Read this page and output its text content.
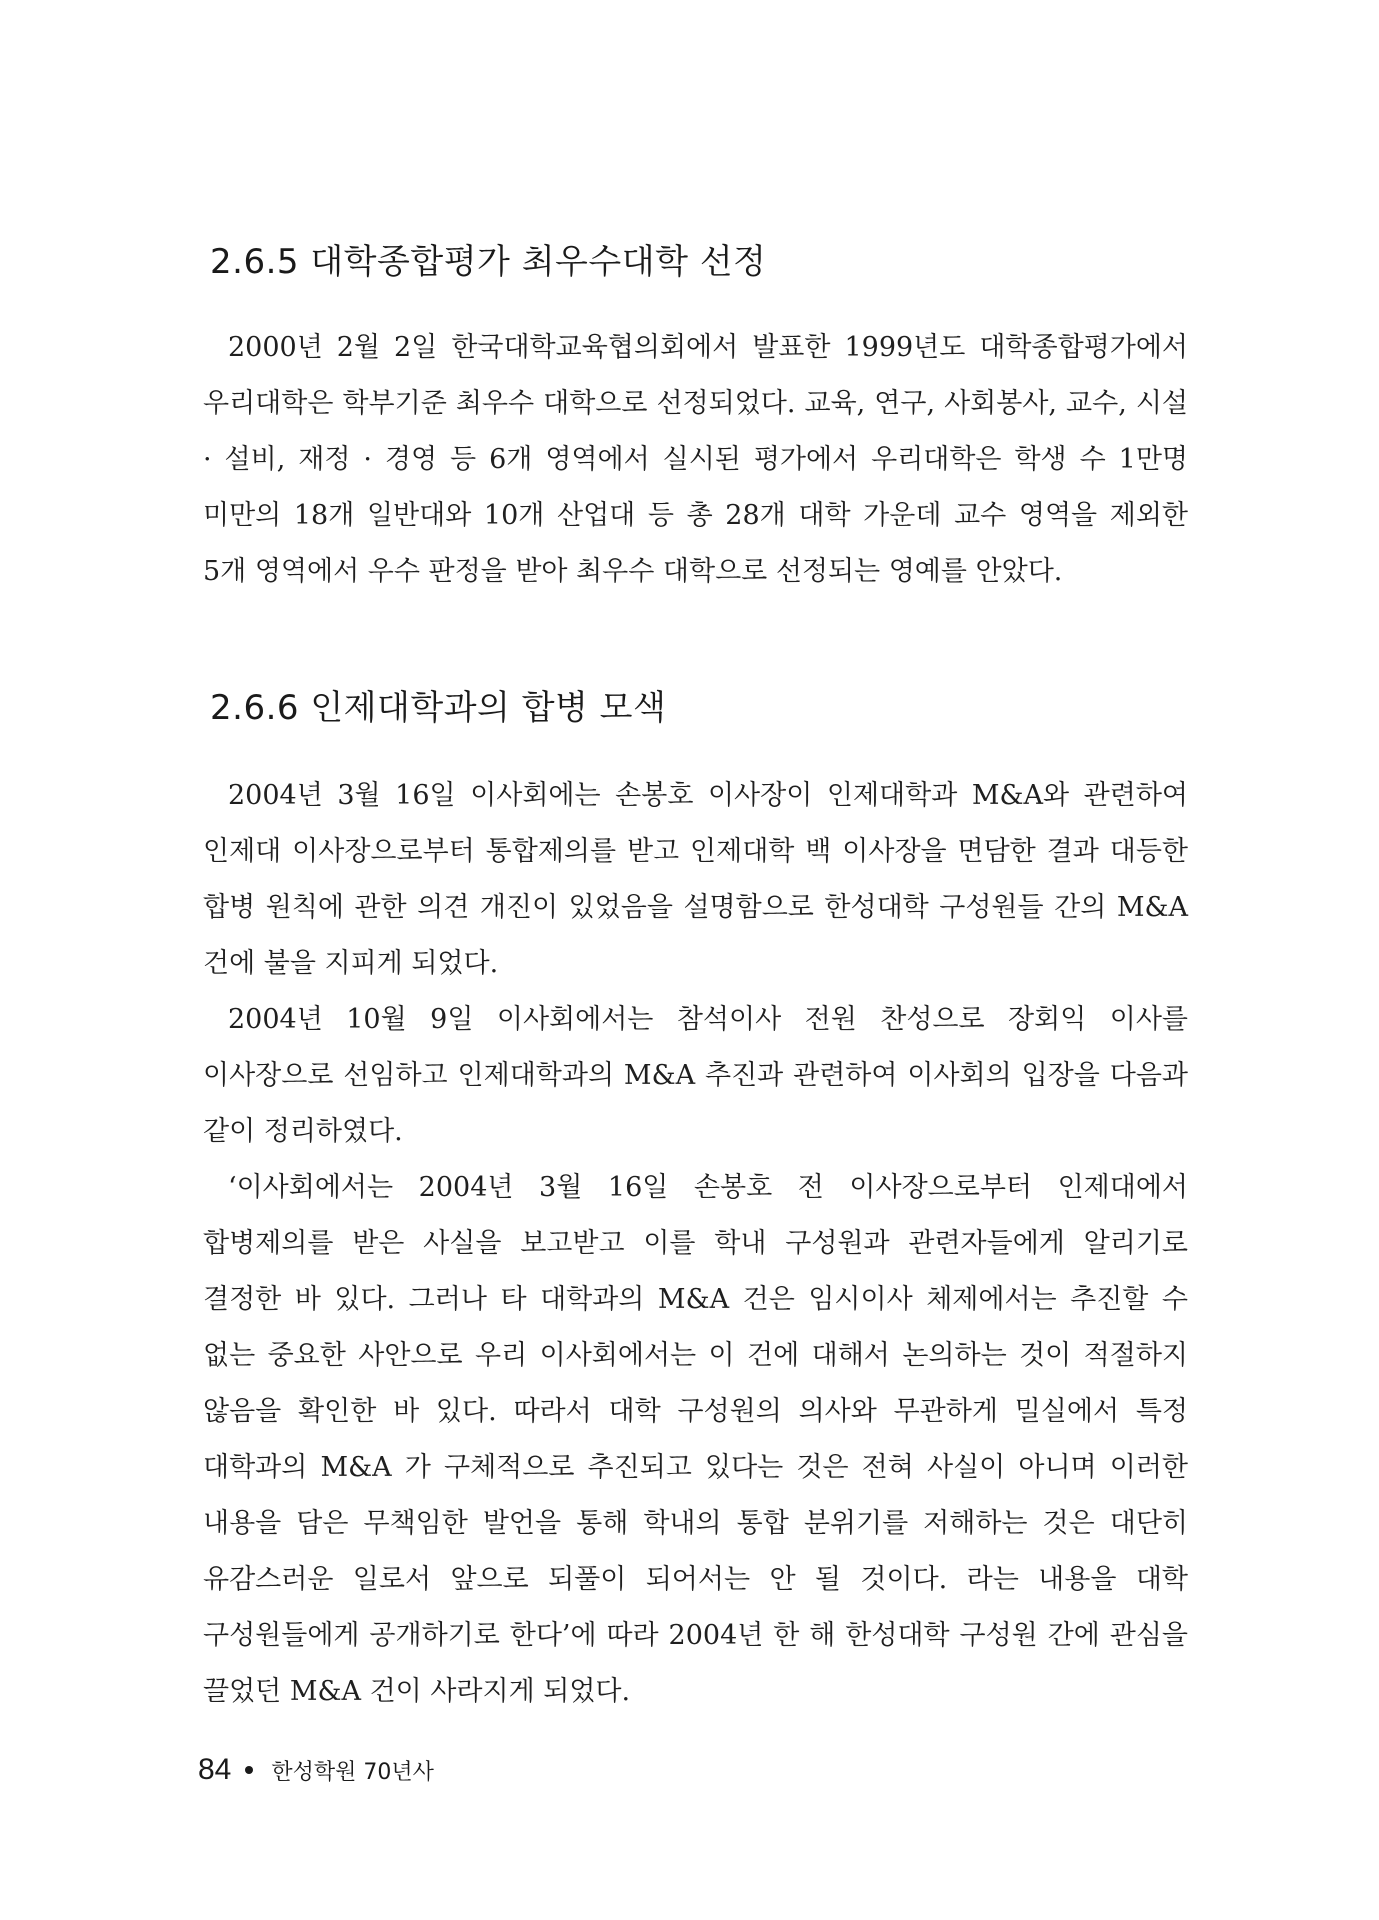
2.6.5 대학종합평가 최우수대학 선정

2000년 2월 2일 한국대학교육협의회에서 발표한 1999년도 대학종합평가에서 우리대학은 학부기준 최우수 대학으로 선정되었다. 교육, 연구, 사회봉사, 교수, 시설 · 설비, 재정 · 경영 등 6개 영역에서 실시된 평가에서 우리대학은 학생 수 1만명 미만의 18개 일반대와 10개 산업대 등 총 28개 대학 가운데 교수 영역을 제외한 5개 영역에서 우수 판정을 받아 최우수 대학으로 선정되는 영예를 안았다.

2.6.6 인제대학과의 합병 모색

2004년 3월 16일 이사회에는 손봉호 이사장이 인제대학과 M&A와 관련하여 인제대 이사장으로부터 통합제의를 받고 인제대학 백 이사장을 면담한 결과 대등한 합병 원칙에 관한 의견 개진이 있었음을 설명함으로 한성대학 구성원들 간의 M&A 건에 불을 지피게 되었다.

2004년 10월 9일 이사회에서는 참석이사 전원 찬성으로 장회익 이사를 이사장으로 선임하고 인제대학과의 M&A 추진과 관련하여 이사회의 입장을 다음과 같이 정리하였다.

‘이사회에서는 2004년 3월 16일 손봉호 전 이사장으로부터 인제대에서 합병제의를 받은 사실을 보고받고 이를 학내 구성원과 관련자들에게 알리기로 결정한 바 있다. 그러나 타 대학과의 M&A 건은 임시이사 체제에서는 추진할 수 없는 중요한 사안으로 우리 이사회에서는 이 건에 대해서 논의하는 것이 적절하지 않음을 확인한 바 있다. 따라서 대학 구성원의 의사와 무관하게 밀실에서 특정 대학과의 M&A 가 구체적으로 추진되고 있다는 것은 전혀 사실이 아니며 이러한 내용을 담은 무책임한 발언을 통해 학내의 통합 분위기를 저해하는 것은 대단히 유감스러운 일로서 앞으로 되풀이 되어서는 안 될 것이다. 라는 내용을 대학 구성원들에게 공개하기로 한다’에 따라 2004년 한 해 한성대학 구성원 간에 관심을 끌었던 M&A 건이 사라지게 되었다.

84 한성학원 70년사
